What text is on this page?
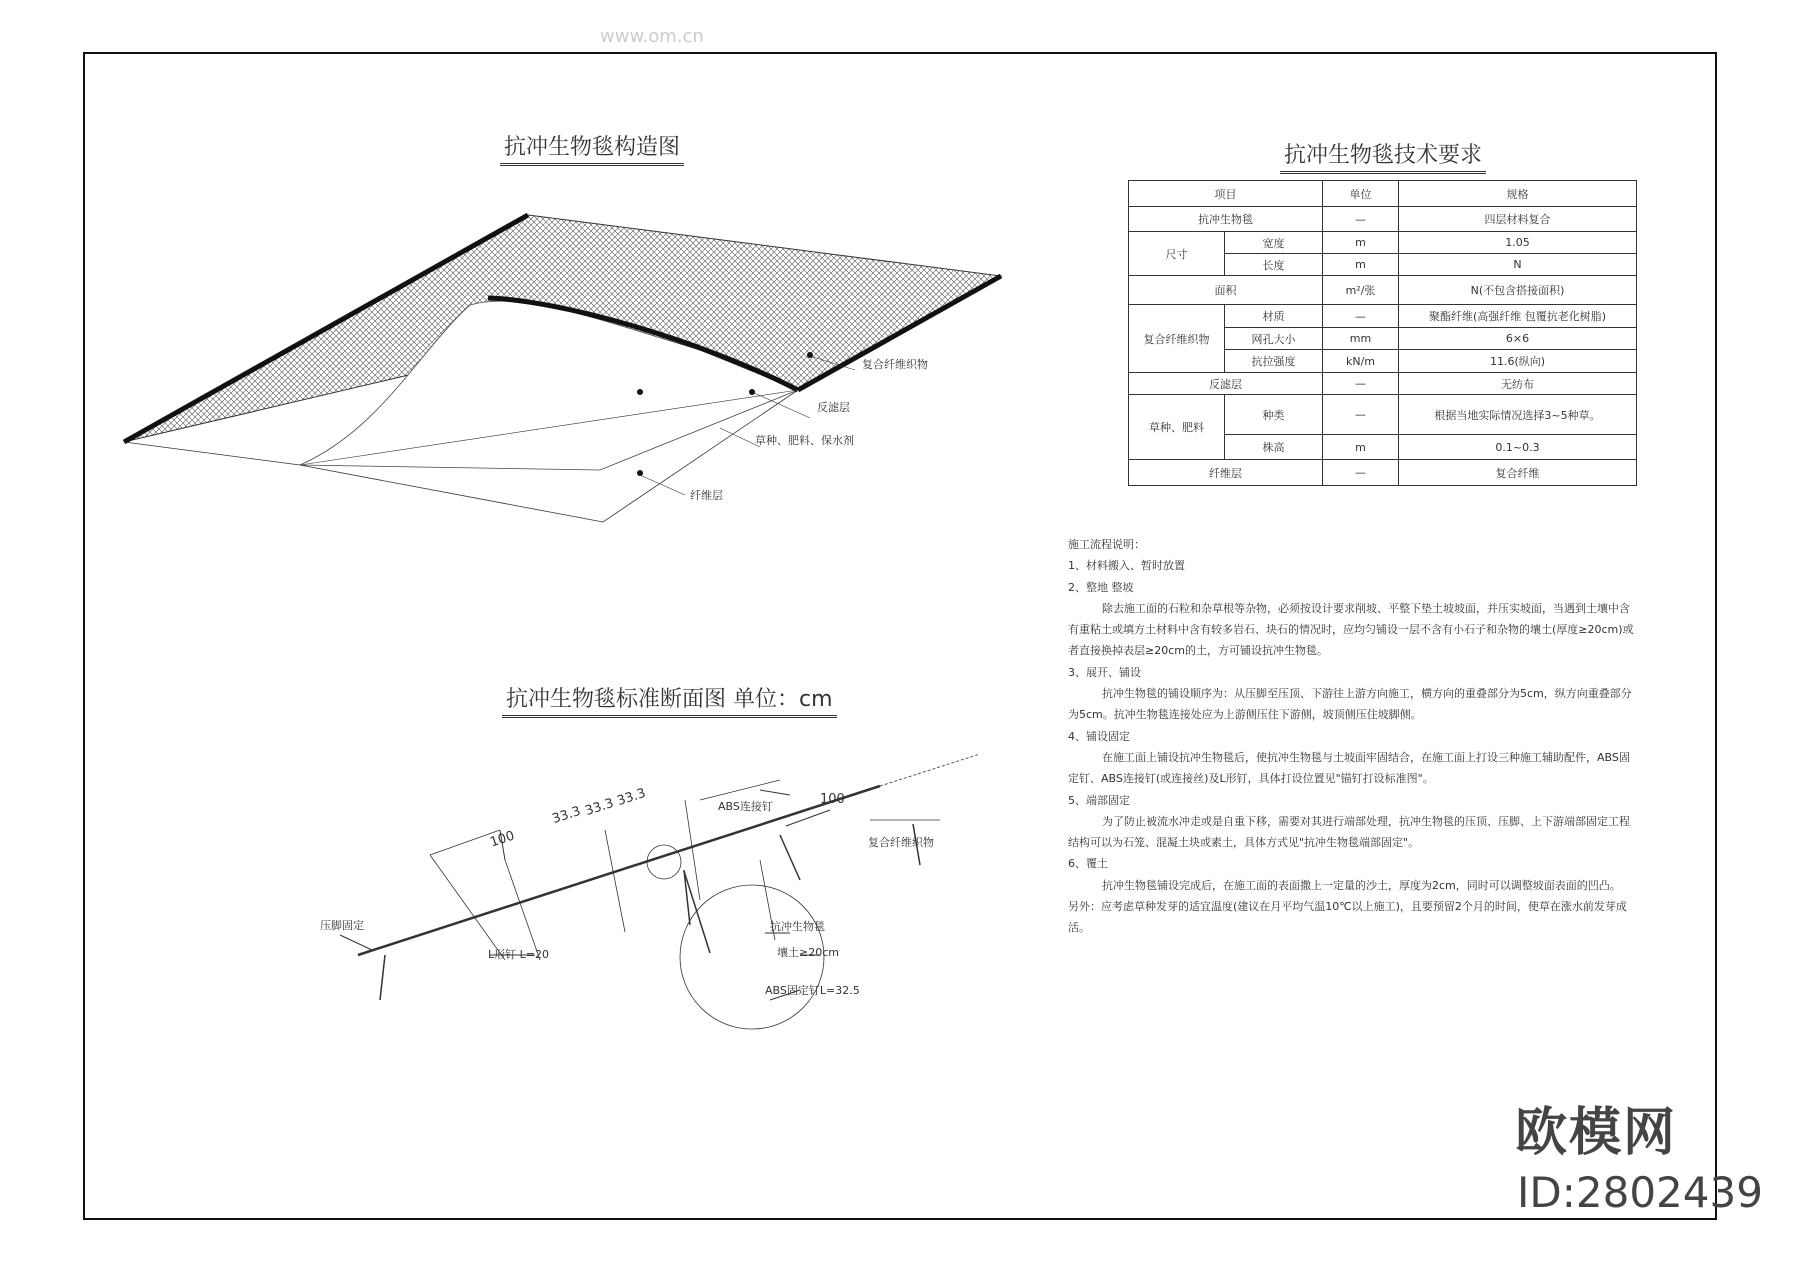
抗冲生物毯构造图	抗冲生物毯技术要求
抗冲生物毯标准断面图 单位：cm
复合纤维织物
反滤层
草种、肥料、保水剂
纤维层
100
33.3 33.3 33.3	100
ABS连接钉
复合纤维织物
压脚固定
L形钉 L=20
抗冲生物毯
壤土≥20cm
ABS固定钉L=32.5
项目		单位	规格
抗冲生物毯		—	四层材料复合
尺寸	宽度	m	1.05
	长度	m	N
面积		m²/张	N(不包含搭接面积)
复合纤维织物	材质	—	聚酯纤维(高强纤维 包覆抗老化树脂)
	网孔大小	mm	6×6
	抗拉强度	kN/m	11.6(纵向)
反滤层		—	无纺布
草种、肥料	种类	—	根据当地实际情况选择3~5种草。
	株高	m	0.1~0.3
纤维层		—	复合纤维
施工流程说明：
1、材料搬入、暂时放置
2、整地 整坡
除去施工面的石粒和杂草根等杂物，必须按设计要求削坡、平整下垫土坡坡面，并压实坡面，当遇到土壤中含有重粘土或填方土材料中含有较多岩石、块石的情况时，应均匀铺设一层不含有小石子和杂物的壤土(厚度≥20cm)或者直接换掉表层≥20cm的土，方可铺设抗冲生物毯。
3、展开、铺设
抗冲生物毯的铺设顺序为：从压脚至压顶、下游往上游方向施工，横方向的重叠部分为5cm，纵方向重叠部分为5cm。抗冲生物毯连接处应为上游侧压住下游侧，坡顶侧压住坡脚侧。
4、铺设固定
在施工面上铺设抗冲生物毯后，使抗冲生物毯与土坡面牢固结合，在施工面上打设三种施工辅助配件，ABS固定钉、ABS连接钉(或连接丝)及L形钉，具体打设位置见"锚钉打设标准图"。
5、端部固定
为了防止被流水冲走或是自重下移，需要对其进行端部处理，抗冲生物毯的压顶、压脚、上下游端部固定工程结构可以为石笼、混凝土块或素土，具体方式见"抗冲生物毯端部固定"。
6、覆土
抗冲生物毯铺设完成后，在施工面的表面撒上一定量的沙土，厚度为2cm，同时可以调整坡面表面的凹凸。
另外：应考虑草种发芽的适宜温度(建议在月平均气温10℃以上施工)，且要预留2个月的时间，使草在涨水前发芽成活。
欧模网
ID:2802439
www.om.cn
